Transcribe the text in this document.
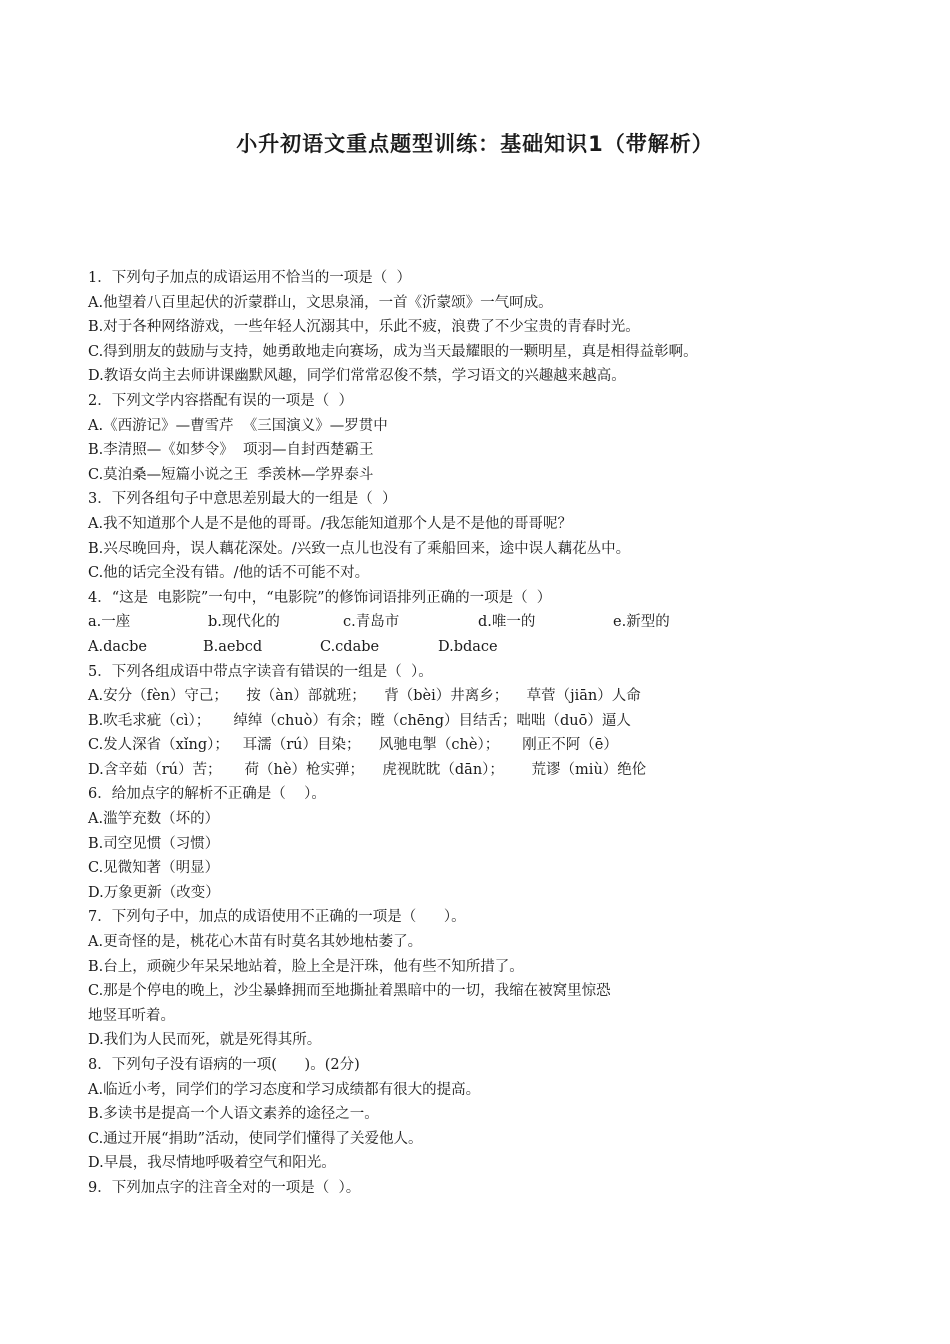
小升初语文重点题型训练：基础知识1（带解析）
1．下列句子加点的成语运用不恰当的一项是（  ）
A.他望着八百里起伏的沂蒙群山，文思泉涌，一首《沂蒙颂》一气呵成。
B.对于各种网络游戏，一些年轻人沉溺其中，乐此不疲，浪费了不少宝贵的青春时光。
C.得到朋友的鼓励与支持，她勇敢地走向赛场，成为当天最耀眼的一颗明星，真是相得益彰啊。
D.教语女尚主去师讲课幽默风趣，同学们常常忍俊不禁，学习语文的兴趣越来越高。
2．下列文学内容搭配有误的一项是（  ）
A.《西游记》—曹雪芹  《三国演义》—罗贯中
B.李清照—《如梦令》  项羽—自封西楚霸王
C.莫泊桑—短篇小说之王  季羡林—学界泰斗
3．下列各组句子中意思差别最大的一组是（  ）
A.我不知道那个人是不是他的哥哥。/我怎能知道那个人是不是他的哥哥呢？
B.兴尽晚回舟，误人藕花深处。/兴致一点儿也没有了乘船回来，途中误人藕花丛中。
C.他的话完全没有错。/他的话不可能不对。
4．“这是  电影院”一句中，“电影院”的修饰词语排列正确的一项是（  ）
a.一座	b.现代化的	c.青岛市	d.唯一的	e.新型的
A.dacbe	B.aebcd	C.cdabe	D.bdace
5．下列各组成语中带点字读音有错误的一组是（  ）。
A.安分（fèn）守己；    按（àn）部就班；    背（bèi）井离乡；    草菅（jiān）人命
B.吹毛求疵（cì）；     绰绰（chuò）有余；瞠（chēng）目结舌；咄咄（duō）逼人
C.发人深省（xǐng）；   耳濡（rú）目染；    风驰电掣（chè）；     刚正不阿（ē）
D.含辛茹（rú）苦；     荷（hè）枪实弹；    虎视眈眈（dān）；      荒谬（miù）绝伦
6．给加点字的解析不正确是（    ）。
A.滥竽充数（坏的）
B.司空见惯（习惯）
C.见微知著（明显）
D.万象更新（改变）
7．下列句子中，加点的成语使用不正确的一项是（      ）。
A.更奇怪的是，桃花心木苗有时莫名其妙地枯萎了。
B.台上，顽碗少年呆呆地站着，脸上全是汗珠，他有些不知所措了。
C.那是个停电的晚上，沙尘暴蜂拥而至地撕扯着黑暗中的一切，我缩在被窝里惊恐
地竖耳听着。
D.我们为人民而死，就是死得其所。
8．下列句子没有语病的一项(      )。(2分)
A.临近小考，同学们的学习态度和学习成绩都有很大的提高。
B.多读书是提高一个人语文素养的途径之一。
C.通过开展“捐助”活动，使同学们懂得了关爱他人。
D.早晨，我尽情地呼吸着空气和阳光。
9．下列加点字的注音全对的一项是（  ）。
